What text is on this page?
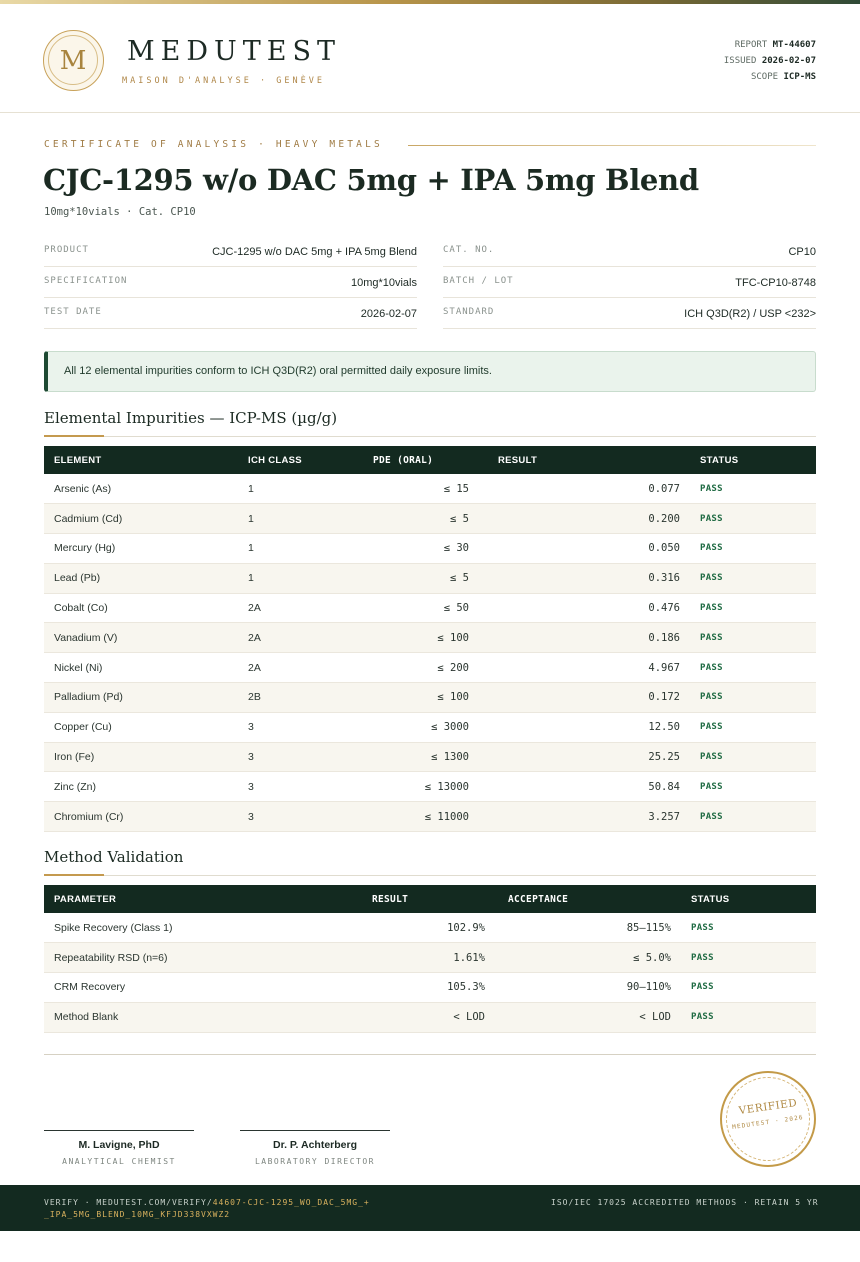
M	MEDUTEST
MAISON D'ANALYSE · GENÈVE
REPORT MT-44607
ISSUED 2026-02-07
SCOPE ICP-MS
CERTIFICATE OF ANALYSIS · HEAVY METALS
CJC-1295 w/o DAC 5mg + IPA 5mg Blend
10mg*10vials · Cat. CP10
PRODUCT	CJC-1295 w/o DAC 5mg + IPA 5mg Blend
SPECIFICATION	10mg*10vials
TEST DATE	2026-02-07
CAT. NO.	CP10
BATCH / LOT	TFC-CP10-8748
STANDARD	ICH Q3D(R2) / USP <232>
All 12 elemental impurities conform to ICH Q3D(R2) oral permitted daily exposure limits.
Elemental Impurities — ICP-MS (µg/g)
ELEMENT	ICH CLASS	PDE (ORAL)	RESULT	STATUS
Arsenic (As)	1	≤ 15	0.077	PASS
Cadmium (Cd)	1	≤ 5	0.200	PASS
Mercury (Hg)	1	≤ 30	0.050	PASS
Lead (Pb)	1	≤ 5	0.316	PASS
Cobalt (Co)	2A	≤ 50	0.476	PASS
Vanadium (V)	2A	≤ 100	0.186	PASS
Nickel (Ni)	2A	≤ 200	4.967	PASS
Palladium (Pd)	2B	≤ 100	0.172	PASS
Copper (Cu)	3	≤ 3000	12.50	PASS
Iron (Fe)	3	≤ 1300	25.25	PASS
Zinc (Zn)	3	≤ 13000	50.84	PASS
Chromium (Cr)	3	≤ 11000	3.257	PASS
Method Validation
PARAMETER	RESULT	ACCEPTANCE	STATUS
Spike Recovery (Class 1)	102.9%	85–115%	PASS
Repeatability RSD (n=6)	1.61%	≤ 5.0%	PASS
CRM Recovery	105.3%	90–110%	PASS
Method Blank	< LOD	< LOD	PASS
M. Lavigne, PhD
ANALYTICAL CHEMIST
Dr. P. Achterberg
LABORATORY DIRECTOR
VERIFIED
MEDUTEST · 2026
VERIFY · MEDUTEST.COM/VERIFY/44607-CJC-1295_WO_DAC_5MG_+_IPA_5MG_BLEND_10MG_KFJD338VXWZ2
ISO/IEC 17025 ACCREDITED METHODS · RETAIN 5 YR
